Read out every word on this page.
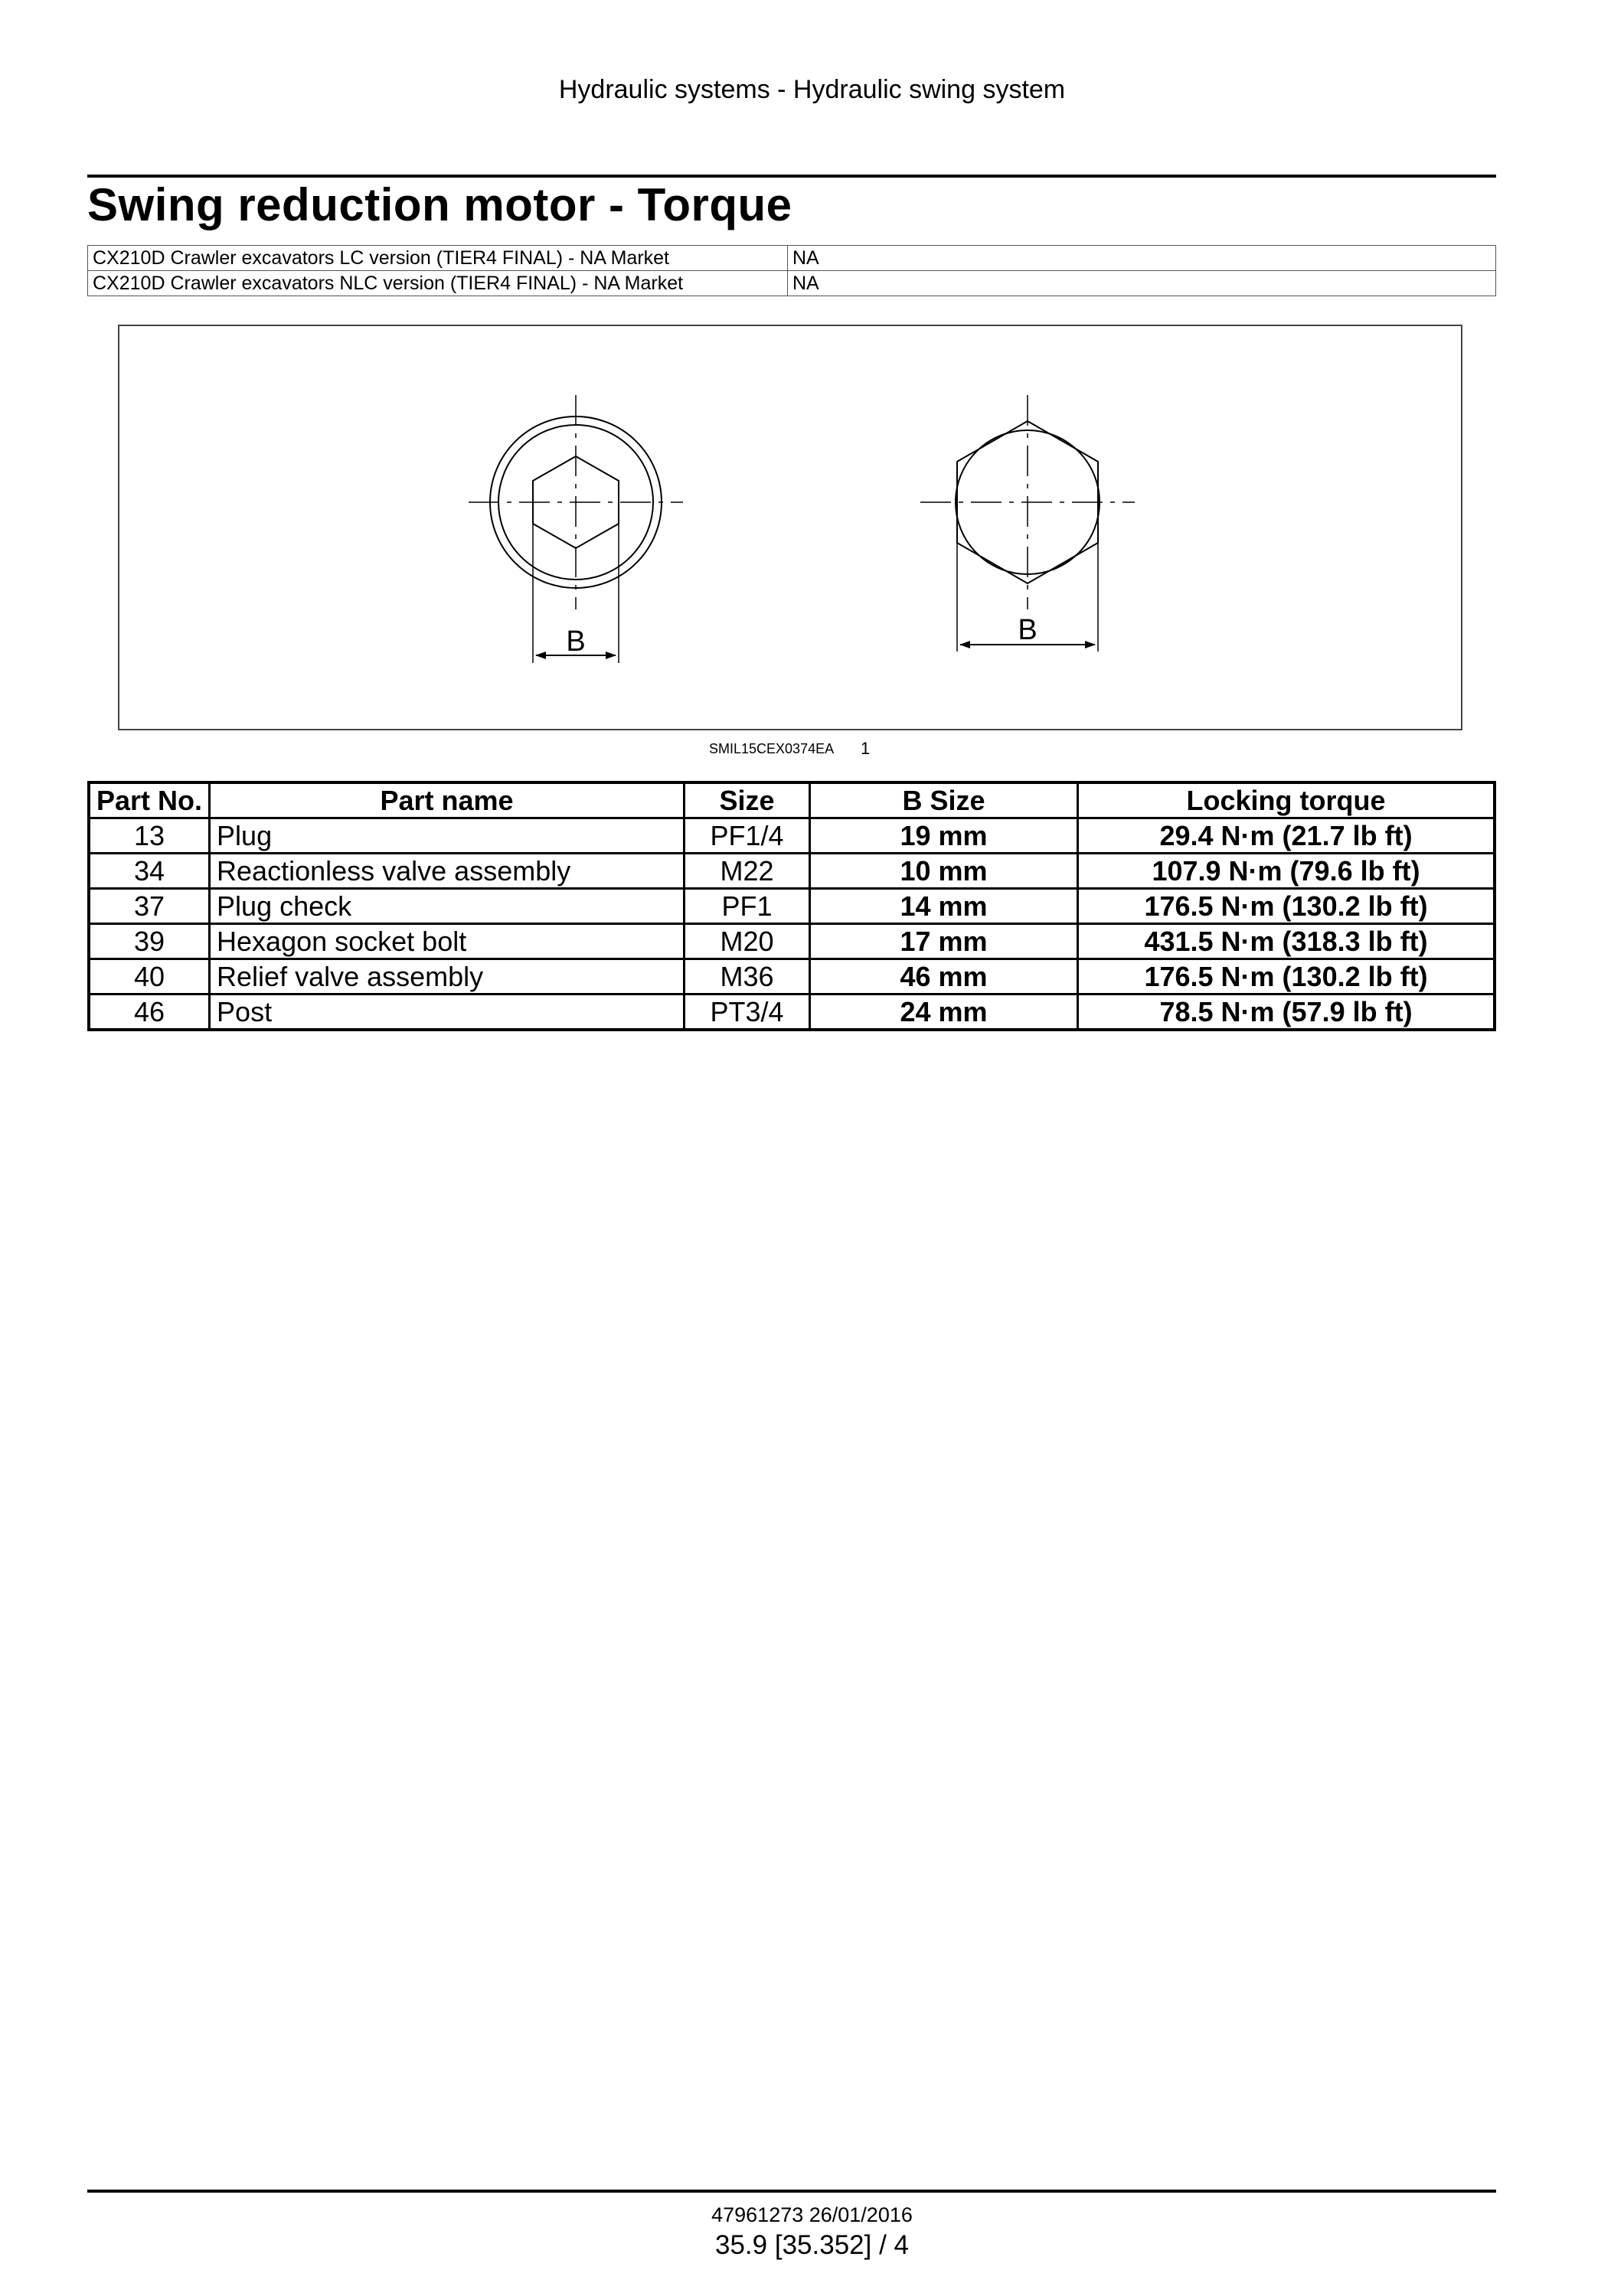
Hydraulic systems - Hydraulic swing system
Swing reduction motor - Torque
CX210D Crawler excavators LC version (TIER4 FINAL) - NA Market	NA
CX210D Crawler excavators NLC version (TIER4 FINAL) - NA Market	NA
B	B
SMIL15CEX0374EA 1
Part No.	Part name	Size	B Size	Locking torque
13	Plug	PF1/4	19 mm	29.4 N·m (21.7 lb ft)
34	Reactionless valve assembly	M22	10 mm	107.9 N·m (79.6 lb ft)
37	Plug check	PF1	14 mm	176.5 N·m (130.2 lb ft)
39	Hexagon socket bolt	M20	17 mm	431.5 N·m (318.3 lb ft)
40	Relief valve assembly	M36	46 mm	176.5 N·m (130.2 lb ft)
46	Post	PT3/4	24 mm	78.5 N·m (57.9 lb ft)
47961273 26/01/2016
35.9 [35.352] / 4
